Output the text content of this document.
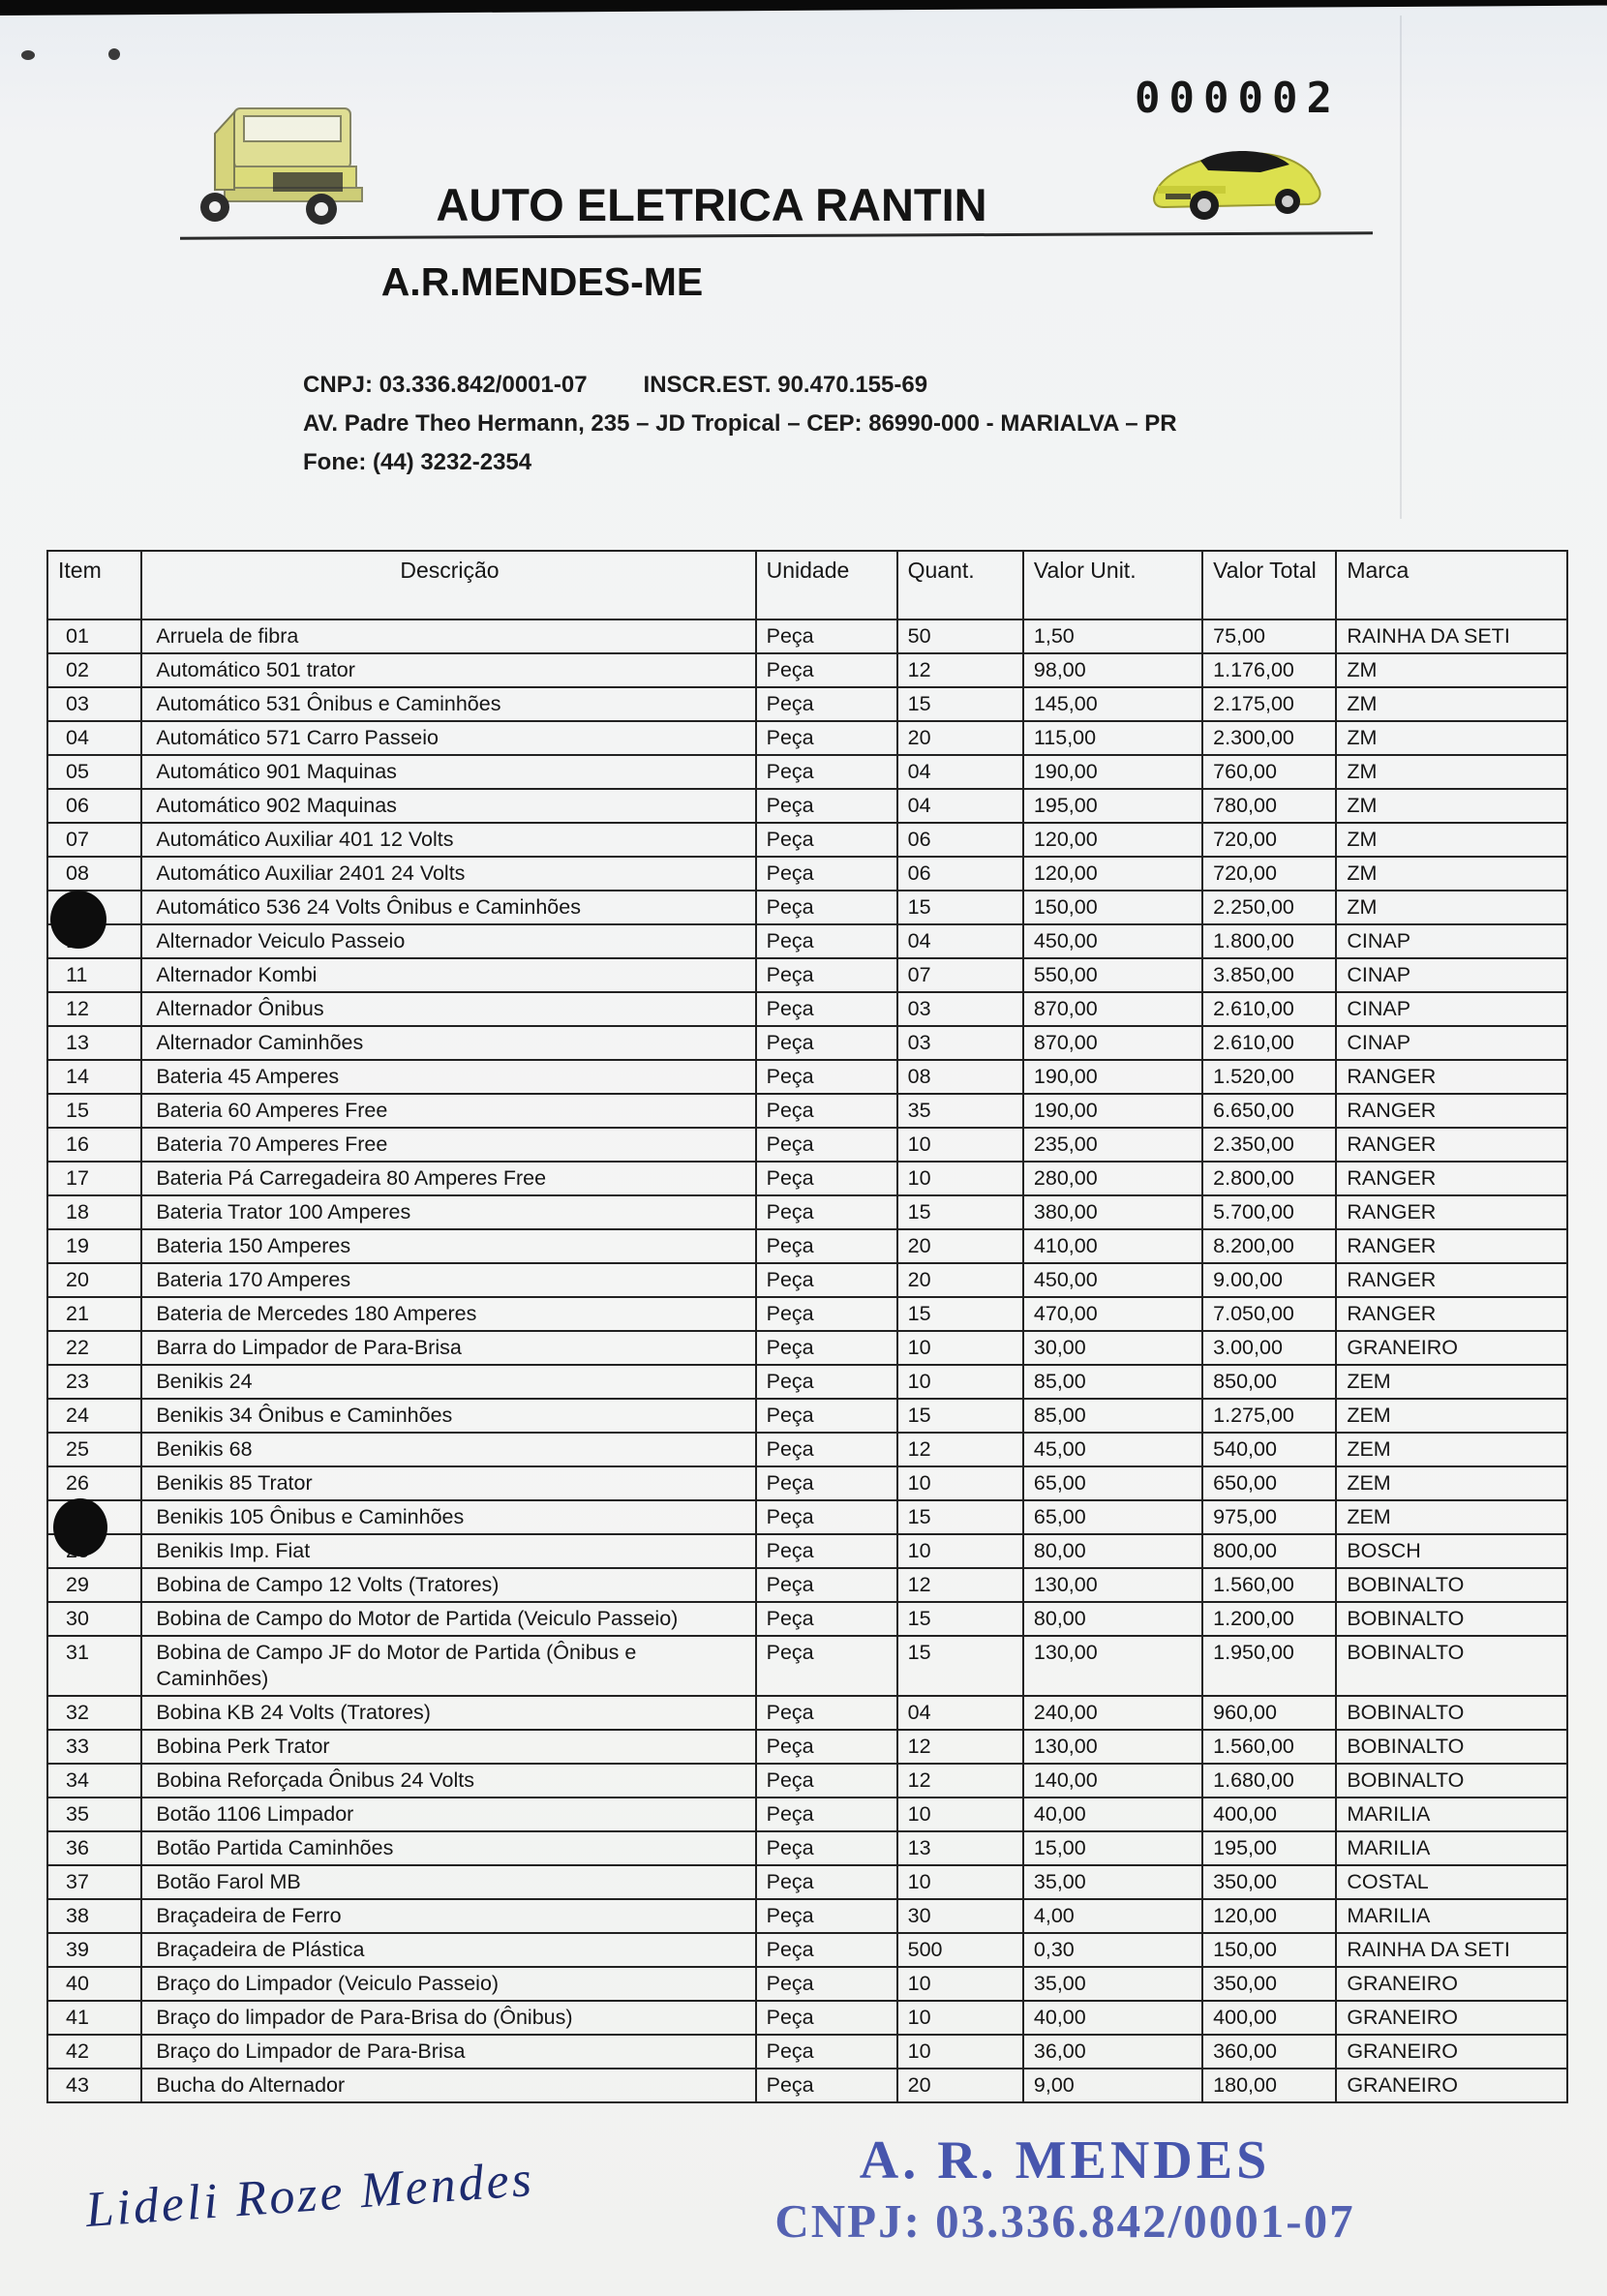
AUTO ELETRICA RANTIN
000002
A.R.MENDES-ME
CNPJ: 03.336.842/0001-07 INSCR.EST. 90.470.155-69
AV. Padre Theo Hermann, 235 – JD Tropical – CEP: 86990-000 - MARIALVA – PR
Fone: (44) 3232-2354
Item	Descrição	Unidade	Quant.	Valor Unit.	Valor Total	Marca
01	Arruela de fibra	Peça	50	1,50	75,00	RAINHA DA SETI
02	Automático 501 trator	Peça	12	98,00	1.176,00	ZM
03	Automático 531 Ônibus e Caminhões	Peça	15	145,00	2.175,00	ZM
04	Automático 571 Carro Passeio	Peça	20	115,00	2.300,00	ZM
05	Automático 901 Maquinas	Peça	04	190,00	760,00	ZM
06	Automático 902 Maquinas	Peça	04	195,00	780,00	ZM
07	Automático Auxiliar 401 12 Volts	Peça	06	120,00	720,00	ZM
08	Automático Auxiliar 2401 24 Volts	Peça	06	120,00	720,00	ZM
	Automático 536 24 Volts Ônibus e Caminhões	Peça	15	150,00	2.250,00	ZM
	Alternador Veiculo Passeio	Peça	04	450,00	1.800,00	CINAP
11	Alternador Kombi	Peça	07	550,00	3.850,00	CINAP
12	Alternador Ônibus	Peça	03	870,00	2.610,00	CINAP
13	Alternador Caminhões	Peça	03	870,00	2.610,00	CINAP
14	Bateria 45 Amperes	Peça	08	190,00	1.520,00	RANGER
15	Bateria 60 Amperes Free	Peça	35	190,00	6.650,00	RANGER
16	Bateria 70 Amperes Free	Peça	10	235,00	2.350,00	RANGER
17	Bateria Pá Carregadeira 80 Amperes Free	Peça	10	280,00	2.800,00	RANGER
18	Bateria Trator 100 Amperes	Peça	15	380,00	5.700,00	RANGER
19	Bateria 150 Amperes	Peça	20	410,00	8.200,00	RANGER
20	Bateria 170 Amperes	Peça	20	450,00	9.00,00	RANGER
21	Bateria de Mercedes 180 Amperes	Peça	15	470,00	7.050,00	RANGER
22	Barra do Limpador de Para-Brisa	Peça	10	30,00	3.00,00	GRANEIRO
23	Benikis 24	Peça	10	85,00	850,00	ZEM
24	Benikis 34 Ônibus e Caminhões	Peça	15	85,00	1.275,00	ZEM
25	Benikis 68	Peça	12	45,00	540,00	ZEM
26	Benikis 85 Trator	Peça	10	65,00	650,00	ZEM
	Benikis 105 Ônibus e Caminhões	Peça	15	65,00	975,00	ZEM
	Benikis Imp. Fiat	Peça	10	80,00	800,00	BOSCH
29	Bobina de Campo 12 Volts (Tratores)	Peça	12	130,00	1.560,00	BOBINALTO
30	Bobina de Campo do Motor de Partida (Veiculo Passeio)	Peça	15	80,00	1.200,00	BOBINALTO
31	Bobina de Campo JF do Motor de Partida (Ônibus e Caminhões)	Peça	15	130,00	1.950,00	BOBINALTO
32	Bobina KB 24 Volts (Tratores)	Peça	04	240,00	960,00	BOBINALTO
33	Bobina Perk Trator	Peça	12	130,00	1.560,00	BOBINALTO
34	Bobina Reforçada Ônibus 24 Volts	Peça	12	140,00	1.680,00	BOBINALTO
35	Botão 1106 Limpador	Peça	10	40,00	400,00	MARILIA
36	Botão Partida Caminhões	Peça	13	15,00	195,00	MARILIA
37	Botão Farol MB	Peça	10	35,00	350,00	COSTAL
38	Braçadeira de Ferro	Peça	30	4,00	120,00	MARILIA
39	Braçadeira de Plástica	Peça	500	0,30	150,00	RAINHA DA SETI
40	Braço do Limpador (Veiculo Passeio)	Peça	10	35,00	350,00	GRANEIRO
41	Braço do limpador de Para-Brisa do (Ônibus)	Peça	10	40,00	400,00	GRANEIRO
42	Braço do Limpador de Para-Brisa	Peça	10	36,00	360,00	GRANEIRO
43	Bucha do Alternador	Peça	20	9,00	180,00	GRANEIRO
Lideli Roze Mendes	A. R. MENDES
CNPJ: 03.336.842/0001-07
